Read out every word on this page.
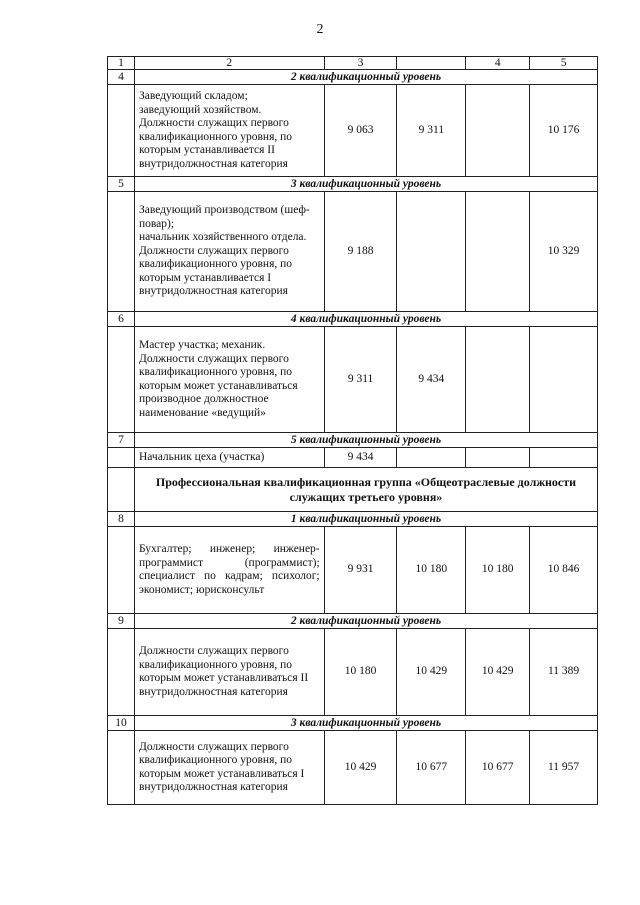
2
1	2	3		4	5
4	2 квалификационный уровень				
	Заведующий складом;
заведующий хозяйством.
Должности служащих первого квалификационного уровня, по которым устанавливается II внутридолжностная категория	9 063	9 311		10 176
5	3 квалификационный уровень				
	Заведующий производством (шеф-повар);
начальник хозяйственного отдела.
Должности служащих первого квалификационного уровня, по которым устанавливается I внутридолжностная категория	9 188			10 329
6	4 квалификационный уровень				
	Мастер участка; механик.
Должности служащих первого квалификационного уровня, по которым может устанавливаться производное должностное наименование «ведущий»	9 311	9 434		
7	5 квалификационный уровень				
	Начальник цеха (участка)	9 434			
	Профессиональная квалификационная группа «Общеотраслевые должности служащих третьего уровня»				
8	1 квалификационный уровень				
	Бухгалтер; инженер; инженер-программист (программист); специалист по кадрам; психолог; экономист; юрисконсульт	9 931	10 180	10 180	10 846
9	2 квалификационный уровень				
	Должности служащих первого квалификационного уровня, по которым может устанавливаться II внутридолжностная категория	10 180	10 429	10 429	11 389
10	3 квалификационный уровень				
	Должности служащих первого квалификационного уровня, по которым может устанавливаться I внутридолжностная категория	10 429	10 677	10 677	11 957
